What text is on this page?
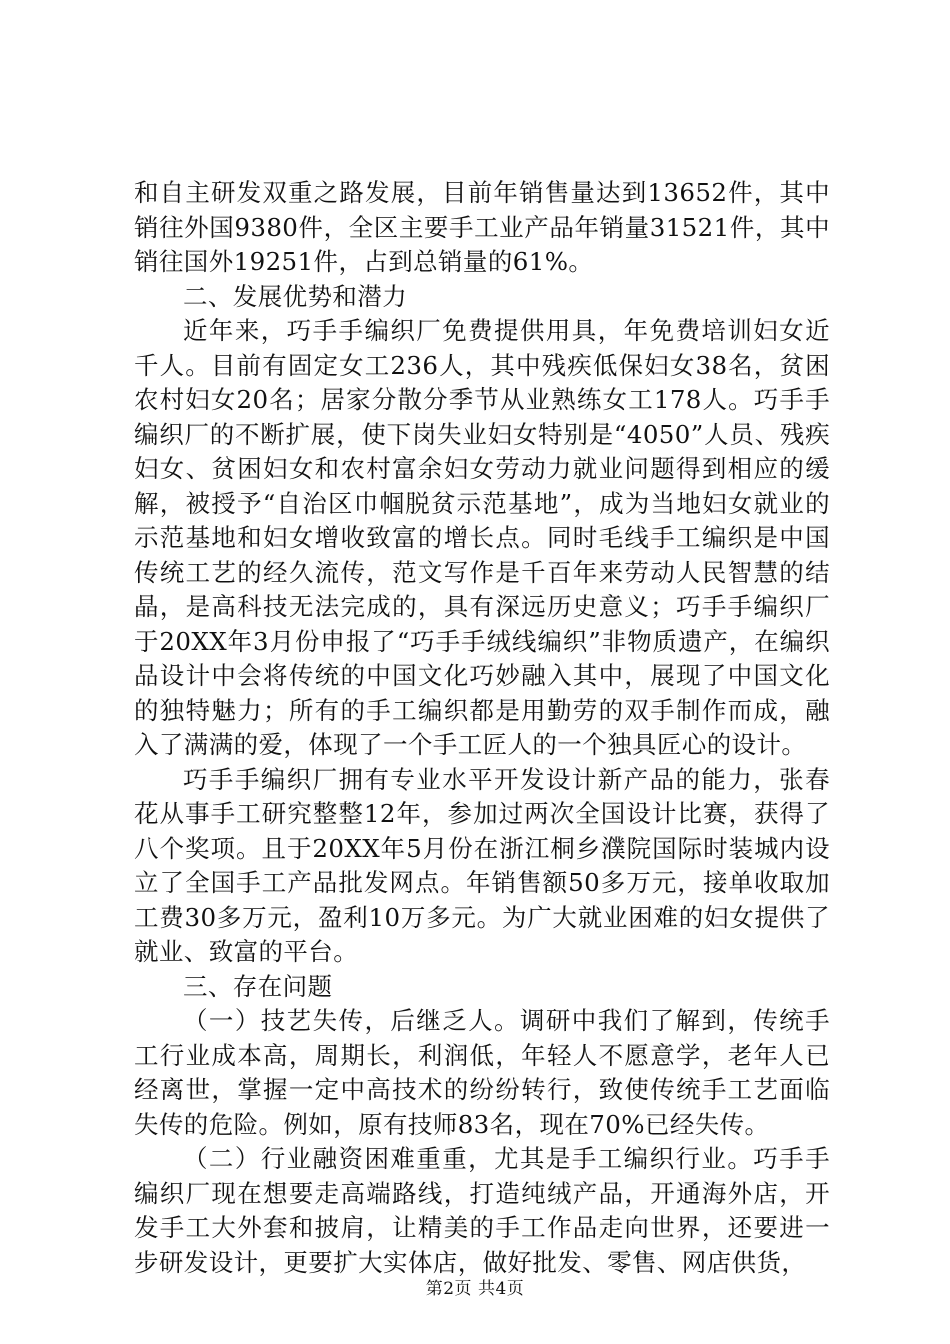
和自主研发双重之路发展，目前年销售量达到13652件，其中销往外国9380件，全区主要手工业产品年销量31521件，其中销往国外19251件，占到总销量的61%。

二、发展优势和潜力

近年来，巧手手编织厂免费提供用具，年免费培训妇女近千人。目前有固定女工236人，其中残疾低保妇女38名，贫困农村妇女20名；居家分散分季节从业熟练女工178人。巧手手编织厂的不断扩展，使下岗失业妇女特别是“4050”人员、残疾妇女、贫困妇女和农村富余妇女劳动力就业问题得到相应的缓解，被授予“自治区巾帼脱贫示范基地”，成为当地妇女就业的示范基地和妇女增收致富的增长点。同时毛线手工编织是中国传统工艺的经久流传，范文写作是千百年来劳动人民智慧的结晶，是高科技无法完成的，具有深远历史意义；巧手手编织厂于20XX年3月份申报了“巧手手绒线编织”非物质遗产，在编织品设计中会将传统的中国文化巧妙融入其中，展现了中国文化的独特魅力；所有的手工编织都是用勤劳的双手制作而成，融入了满满的爱，体现了一个手工匠人的一个独具匠心的设计。

巧手手编织厂拥有专业水平开发设计新产品的能力，张春花从事手工研究整整12年，参加过两次全国设计比赛，获得了八个奖项。且于20XX年5月份在浙江桐乡濮院国际时装城内设立了全国手工产品批发网点。年销售额50多万元，接单收取加工费30多万元，盈利10万多元。为广大就业困难的妇女提供了就业、致富的平台。

三、存在问题

（一）技艺失传，后继乏人。调研中我们了解到，传统手工行业成本高，周期长，利润低，年轻人不愿意学，老年人已经离世，掌握一定中高技术的纷纷转行，致使传统手工艺面临失传的危险。例如，原有技师83名，现在70%已经失传。

（二）行业融资困难重重，尤其是手工编织行业。巧手手编织厂现在想要走高端路线，打造纯绒产品，开通海外店，开发手工大外套和披肩，让精美的手工作品走向世界，还要进一步研发设计，更要扩大实体店，做好批发、零售、网店供货，

第2页 共4页
